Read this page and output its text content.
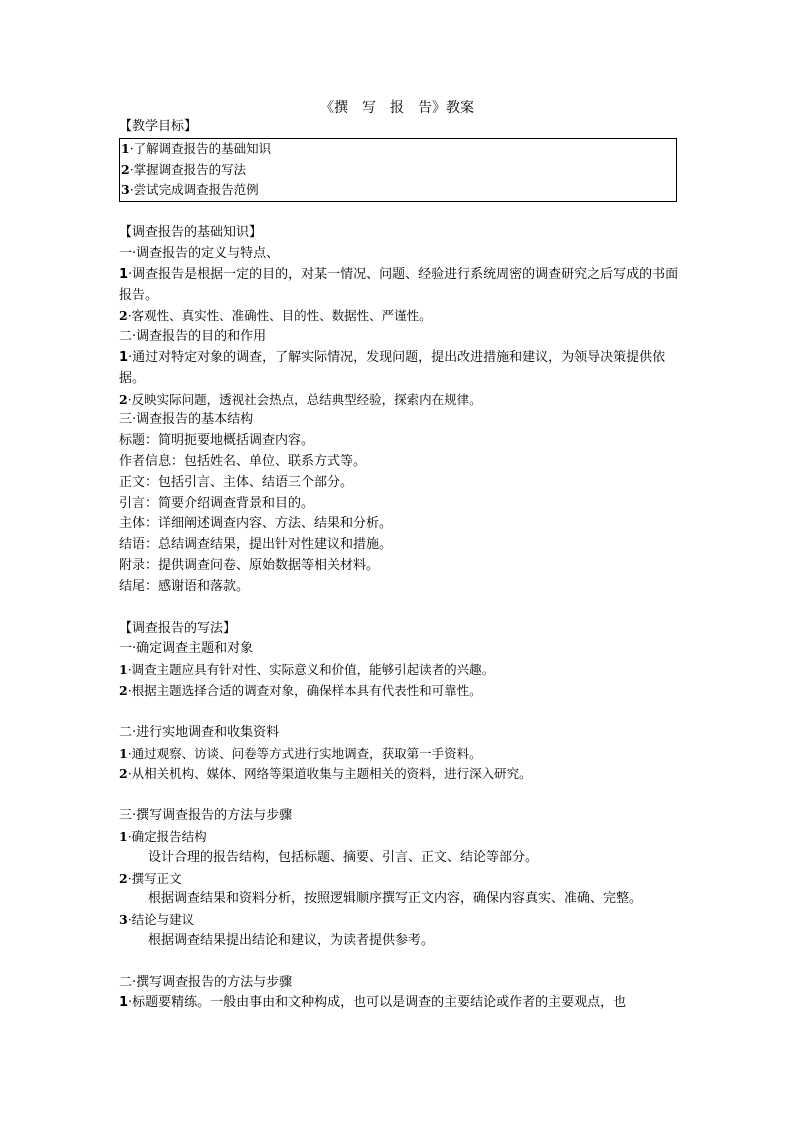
《撰　写　报　告》教案

【教学目标】

1·了解调查报告的基础知识

2·掌握调查报告的写法

3·尝试完成调查报告范例

【调查报告的基础知识】

一·调查报告的定义与特点、

1·调查报告是根据一定的目的，对某一情况、问题、经验进行系统周密的调查研究之后写成的书面报告。

2·客观性、真实性、准确性、目的性、数据性、严谨性。

二·调查报告的目的和作用

1·通过对特定对象的调查，了解实际情况，发现问题，提出改进措施和建议，为领导决策提供依据。

2·反映实际问题，透视社会热点，总结典型经验，探索内在规律。

三·调查报告的基本结构

标题：简明扼要地概括调查内容。

作者信息：包括姓名、单位、联系方式等。

正文：包括引言、主体、结语三个部分。

引言：简要介绍调查背景和目的。

主体：详细阐述调查内容、方法、结果和分析。

结语：总结调查结果，提出针对性建议和措施。

附录：提供调查问卷、原始数据等相关材料。

结尾：感谢语和落款。

【调查报告的写法】

一·确定调查主题和对象

1·调查主题应具有针对性、实际意义和价值，能够引起读者的兴趣。

2·根据主题选择合适的调查对象，确保样本具有代表性和可靠性。

二·进行实地调查和收集资料

1·通过观察、访谈、问卷等方式进行实地调查，获取第一手资料。

2·从相关机构、媒体、网络等渠道收集与主题相关的资料，进行深入研究。

三·撰写调查报告的方法与步骤

1·确定报告结构

设计合理的报告结构，包括标题、摘要、引言、正文、结论等部分。

2·撰写正文

根据调查结果和资料分析，按照逻辑顺序撰写正文内容，确保内容真实、准确、完整。

3·结论与建议

根据调查结果提出结论和建议，为读者提供参考。

二·撰写调查报告的方法与步骤

1·标题要精练。一般由事由和文种构成，也可以是调查的主要结论或作者的主要观点，也
